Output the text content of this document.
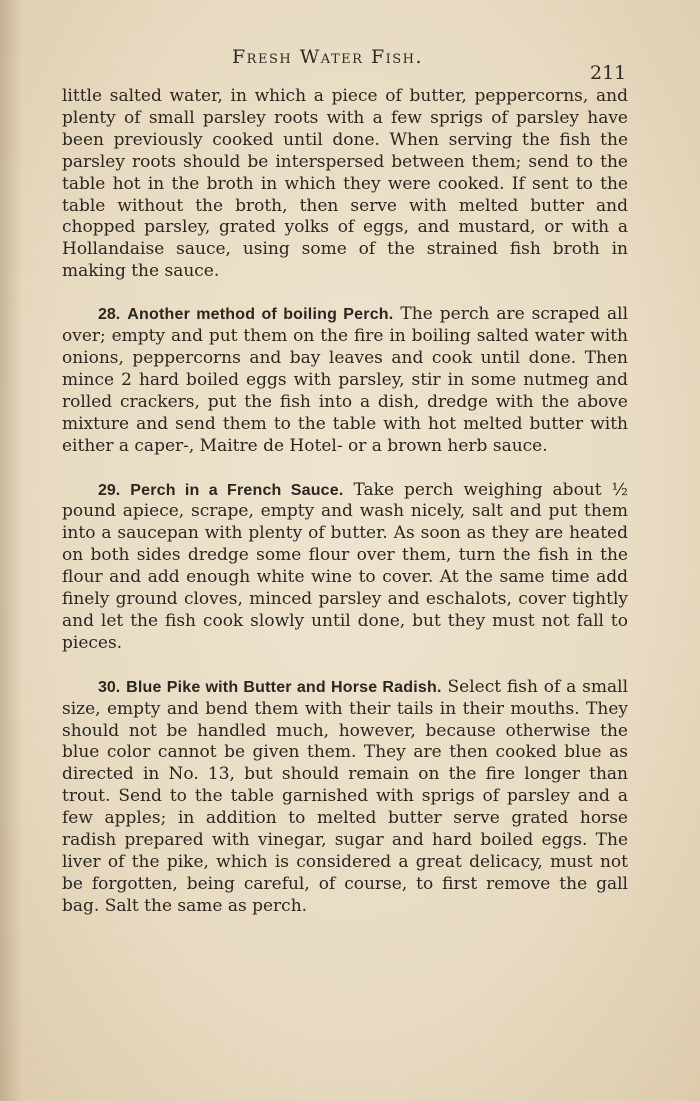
Fresh Water Fish.
211

little salted water, in which a piece of butter, peppercorns, and plenty of small parsley roots with a few sprigs of parsley have been previously cooked until done. When serving the fish the parsley roots should be interspersed between them; send to the table hot in the broth in which they were cooked. If sent to the table without the broth, then serve with melted butter and chopped parsley, grated yolks of eggs, and mustard, or with a Hollandaise sauce, using some of the strained fish broth in making the sauce.

28. Another method of boiling Perch. The perch are scraped all over; empty and put them on the fire in boiling salted water with onions, peppercorns and bay leaves and cook until done. Then mince 2 hard boiled eggs with parsley, stir in some nutmeg and rolled crackers, put the fish into a dish, dredge with the above mixture and send them to the table with hot melted butter with either a caper-, Maitre de Hotel- or a brown herb sauce.

29. Perch in a French Sauce. Take perch weighing about ½ pound apiece, scrape, empty and wash nicely, salt and put them into a saucepan with plenty of butter. As soon as they are heated on both sides dredge some flour over them, turn the fish in the flour and add enough white wine to cover. At the same time add finely ground cloves, minced parsley and eschalots, cover tightly and let the fish cook slowly until done, but they must not fall to pieces.

30. Blue Pike with Butter and Horse Radish. Select fish of a small size, empty and bend them with their tails in their mouths. They should not be handled much, however, because otherwise the blue color cannot be given them. They are then cooked blue as directed in No. 13, but should remain on the fire longer than trout. Send to the table garnished with sprigs of parsley and a few apples; in addition to melted butter serve grated horse radish prepared with vinegar, sugar and hard boiled eggs. The liver of the pike, which is considered a great delicacy, must not be forgotten, being careful, of course, to first remove the gall bag. Salt the same as perch.
